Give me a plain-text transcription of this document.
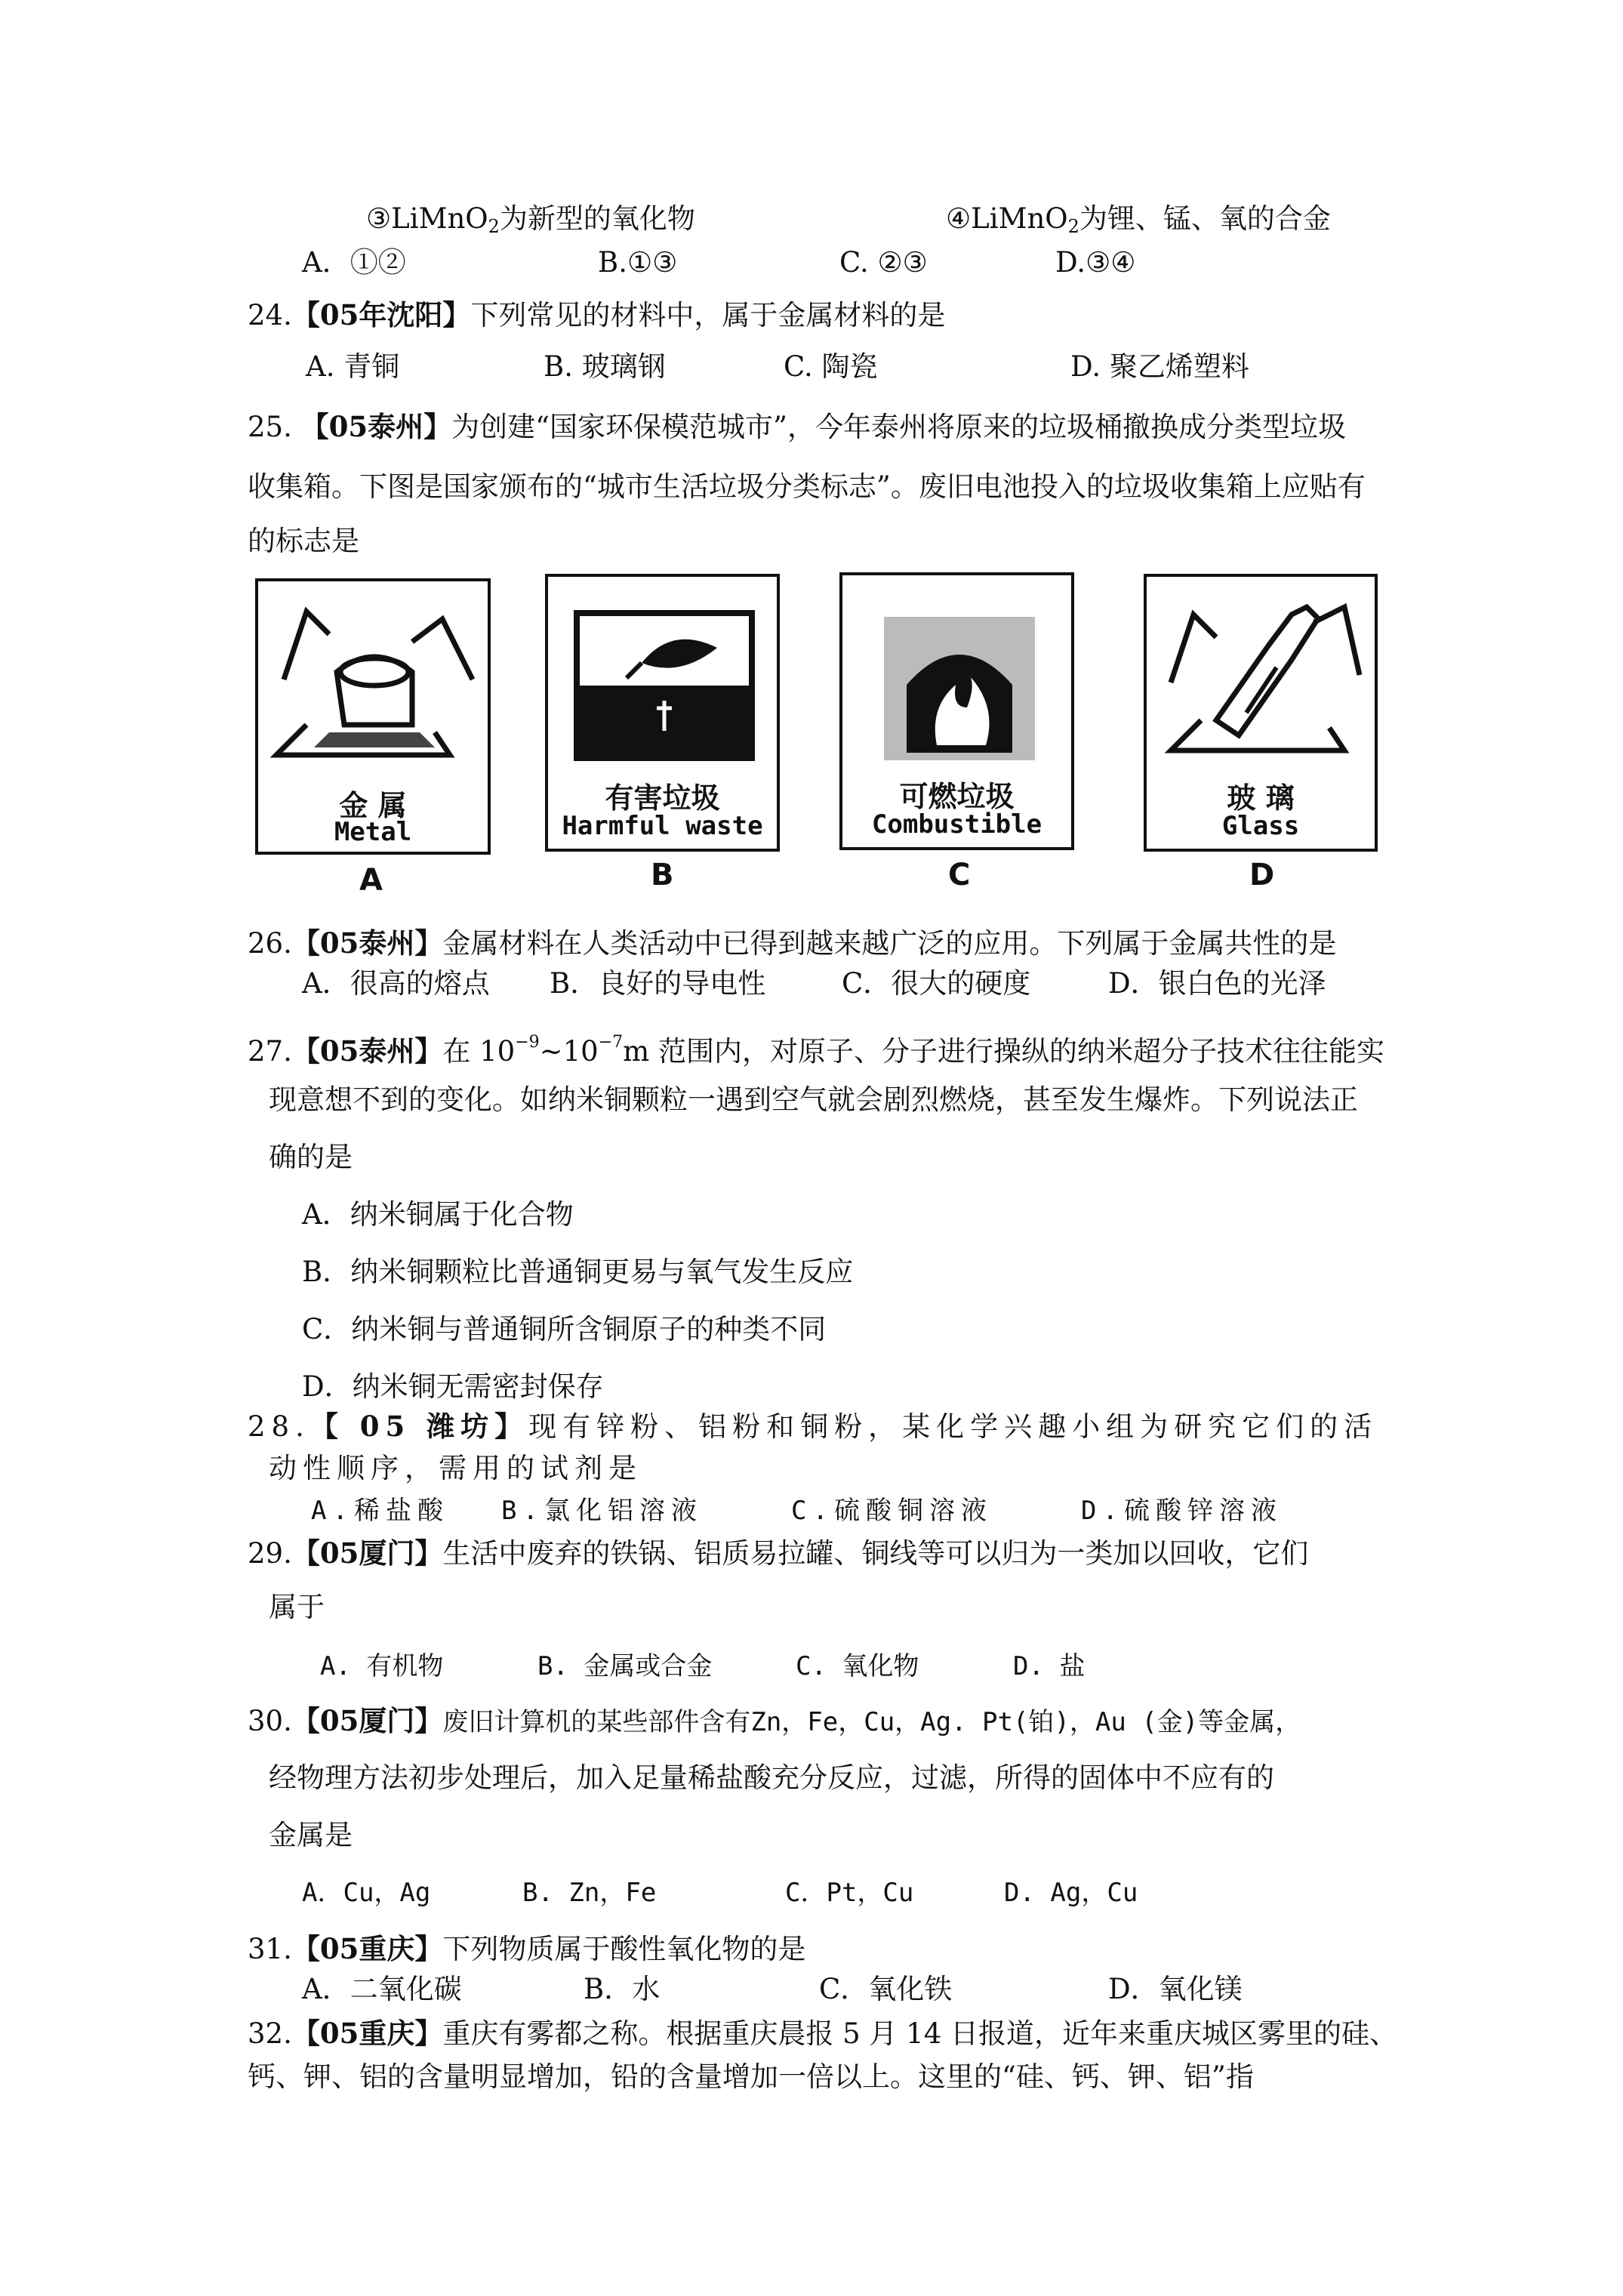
③LiMnO$_2$为新型的氧化物	④LiMnO$_2$为锂、锰、氧的合金
A．①②	B.①③	C. ②③	D.③④
24.【05年沈阳】下列常见的材料中，属于金属材料的是
A. 青铜	B. 玻璃钢	C. 陶瓷	D. 聚乙烯塑料
25. 【05泰州】为创建“国家环保模范城市”，今年泰州将原来的垃圾桶撤换成分类型垃圾
收集箱。下图是国家颁布的“城市生活垃圾分类标志”。废旧电池投入的垃圾收集箱上应贴有
的标志是
金 属
Metal
A
有害垃圾
Harmful waste
B
可燃垃圾
Combustible
C
玻 璃
Glass
D
26.【05泰州】金属材料在人类活动中已得到越来越广泛的应用。下列属于金属共性的是
A．很高的熔点 B．良好的导电性	C．很大的硬度	D．银白色的光泽
27.【05泰州】在 $10^{-9}\sim 10^{-7}m$ 范围内，对原子、分子进行操纵的纳米超分子技术往往能实
现意想不到的变化。如纳米铜颗粒一遇到空气就会剧烈燃烧，甚至发生爆炸。下列说法正
确的是
A．纳米铜属于化合物
B．纳米铜颗粒比普通铜更易与氧气发生反应
C．纳米铜与普通铜所含铜原子的种类不同
D．纳米铜无需密封保存
28.【 05 潍坊】现有锌粉、铝粉和铜粉，某化学兴趣小组为研究它们的活
动性顺序，需用的试剂是
A.稀盐酸 B.氯化铝溶液	C.硫酸铜溶液	D.硫酸锌溶液
29.【05厦门】生活中废弃的铁锅、铝质易拉罐、铜线等可以归为一类加以回收，它们
属于
A. 有机物	B. 金属或合金	C. 氧化物	D. 盐
30.【05厦门】废旧计算机的某些部件含有Zn，Fe，Cu，Ag. Pt(铂)，Au (金)等金属，
经物理方法初步处理后，加入足量稀盐酸充分反应，过滤，所得的固体中不应有的
金属是
A．Cu，Ag	B. Zn，Fe	C．Pt，Cu	D. Ag，Cu
31.【05重庆】下列物质属于酸性氧化物的是
A．二氧化碳	B．水	C．氧化铁	D．氧化镁
32.【05重庆】重庆有雾都之称。根据重庆晨报 5 月 14 日报道，近年来重庆城区雾里的硅、
钙、钾、铝的含量明显增加，铅的含量增加一倍以上。这里的“硅、钙、钾、铝”指
